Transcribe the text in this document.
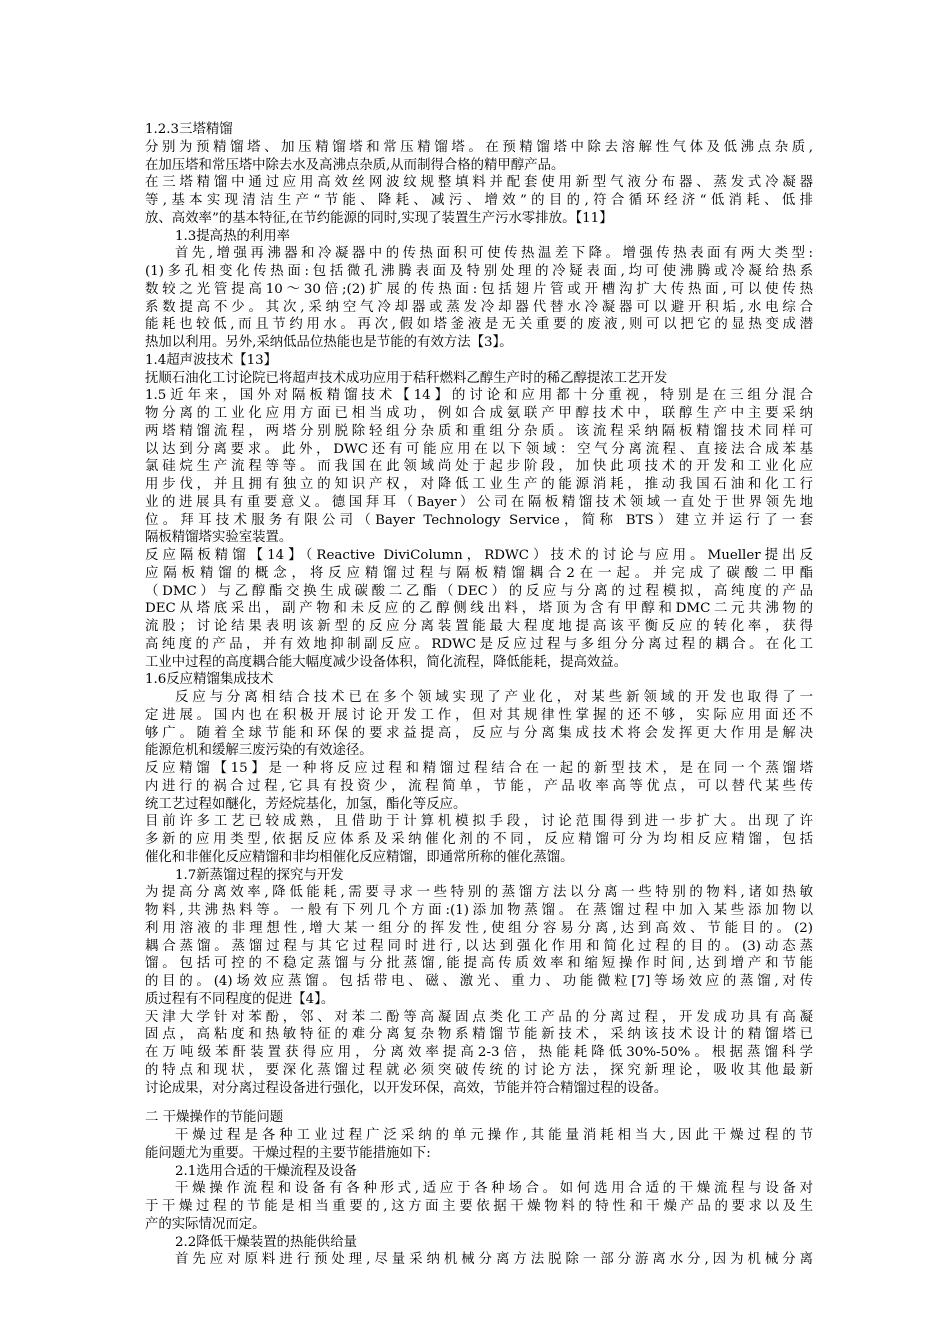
1.2.3三塔精馏
分别为预精馏塔、加压精馏塔和常压精馏塔。在预精馏塔中除去溶解性气体及低沸点杂质,
在加压塔和常压塔中除去水及高沸点杂质,从而制得合格的精甲醇产品。
在三塔精馏中通过应用高效丝网波纹规整填料并配套使用新型气液分布器、蒸发式冷凝器
等,基本实现清洁生产“节能、降耗、减污、增效”的目的,符合循环经济“低消耗、低排
放、高效率”的基本特征,在节约能源的同时,实现了装置生产污水零排放。【11】
1.3提高热的利用率
首先,增强再沸器和冷凝器中的传热面积可使传热温差下降。增强传热表面有两大类型:
(1)多孔相变化传热面:包括微孔沸腾表面及特别处理的冷疑表面,均可使沸腾或冷凝给热系
数较之光管提高10～30倍;(2)扩展的传热面:包括翅片管或开槽沟扩大传热面,可以使传热
系数提高不少。其次,采纳空气冷却器或蒸发冷却器代替水冷凝器可以避开积垢,水电综合
能耗也较低,而且节约用水。再次,假如塔釜液是无关重要的废液,则可以把它的显热变成潜
热加以利用。另外,采纳低品位热能也是节能的有效方法【3】。
1.4超声波技术【13】
抚顺石油化工讨论院已将超声技术成功应用于秸秆燃料乙醇生产时的稀乙醇提浓工艺开发
1.5近年来，国外对隔板精馏技术【14】的讨论和应用都十分重视，特别是在三组分混合
物分离的工业化应用方面已相当成功，例如合成氨联产甲醇技术中，联醇生产中主要采纳
两塔精馏流程，两塔分别脱除轻组分杂质和重组分杂质。该流程采纳隔板精馏技术同样可
以达到分离要求。此外，DWC还有可能应用在以下领域：空气分离流程、直接法合成苯基
氯硅烷生产流程等等。而我国在此领域尚处于起步阶段，加快此项技术的开发和工业化应
用步伐，并且拥有独立的知识产权，对降低工业生产的能源消耗，推动我国石油和化工行
业的进展具有重要意义。德国拜耳（Bayer）公司在隔板精馏技术领域一直处于世界领先地
位。拜耳技术服务有限公司（Bayer Technology Service，简称 BTS）建立并运行了一套
隔板精馏塔实验室装置。
反应隔板精馏【14】（Reactive DiviColumn，RDWC）技术的讨论与应用。Mueller提出反
应隔板精馏的概念，将反应精馏过程与隔板精馏耦合2在一起。并完成了碳酸二甲酯
（DMC）与乙醇酯交换生成碳酸二乙酯（DEC）的反应与分离的过程模拟，高纯度的产品
DEC从塔底采出，副产物和未反应的乙醇侧线出料，塔顶为含有甲醇和DMC二元共沸物的
流股；讨论结果表明该新型的反应分离装置能最大程度地提高该平衡反应的转化率，获得
高纯度的产品，并有效地抑制副反应。RDWC是反应过程与多组分分离过程的耦合。在化工
工业中过程的高度耦合能大幅度减少设备体积，简化流程，降低能耗，提高效益。
1.6反应精馏集成技术
反应与分离相结合技术已在多个领域实现了产业化，对某些新领域的开发也取得了一
定进展。国内也在积极开展讨论开发工作，但对其规律性掌握的还不够，实际应用面还不
够广。随着全球节能和环保的要求益提高，反应与分离集成技术将会发挥更大作用是解决
能源危机和缓解三废污染的有效途径。
反应精馏【15】是一种将反应过程和精馏过程结合在一起的新型技术，是在同一个蒸馏塔
内进行的祸合过程,它具有投资少，流程简单，节能，产品收率高等优点，可以替代某些传
统工艺过程如醚化，芳烃烷基化，加氢，酯化等反应。
目前许多工艺已较成熟，且借助于计算机模拟手段，讨论范围得到进一步扩大。出现了许
多新的应用类型,依据反应体系及采纳催化剂的不同，反应精馏可分为均相反应精馏，包括
催化和非催化反应精馏和非均相催化反应精馏，即通常所称的催化蒸馏。
1.7新蒸馏过程的探究与开发
为提高分离效率,降低能耗,需要寻求一些特别的蒸馏方法以分离一些特别的物料,诸如热敏
物料,共沸热料等。一般有下列几个方面:(1)添加物蒸馏。在蒸馏过程中加入某些添加物以
利用溶液的非理想性,增大某一组分的挥发性,使组分容易分离,达到高效、节能目的。(2)
耦合蒸馏。蒸馏过程与其它过程同时进行,以达到强化作用和简化过程的目的。(3)动态蒸
馏。包括可控的不稳定蒸馏与分批蒸馏,能提高传质效率和缩短操作时间,达到增产和节能
的目的。(4)场效应蒸馏。包括带电、磁、激光、重力、功能微粒[7]等场效应的蒸馏,对传
质过程有不同程度的促进【4】。
天津大学针对苯酚，邻、对苯二酚等高凝固点类化工产品的分离过程，开发成功具有高凝
固点，高粘度和热敏特征的难分离复杂物系精馏节能新技术，采纳该技术设计的精馏塔已
在万吨级苯酐装置获得应用，分离效率提高2-3倍，热能耗降低30%-50%。根据蒸馏科学
的特点和现状，要深化蒸馏过程就必须突破传统的讨论方法，探究新理论，吸收其他最新
讨论成果，对分离过程设备进行强化，以开发环保，高效，节能并符合精馏过程的设备。
二 干燥操作的节能问题
干燥过程是各种工业过程广泛采纳的单元操作,其能量消耗相当大,因此干燥过程的节
能问题尤为重要。干燥过程的主要节能措施如下:
2.1选用合适的干燥流程及设备
干燥操作流程和设备有各种形式,适应于各种场合。如何选用合适的干燥流程与设备对
于干燥过程的节能是相当重要的,这方面主要依据干燥物料的特性和干燥产品的要求以及生
产的实际情况而定。
2.2降低干燥装置的热能供给量
首先应对原料进行预处理,尽量采纳机械分离方法脱除一部分游离水分,因为机械分离
